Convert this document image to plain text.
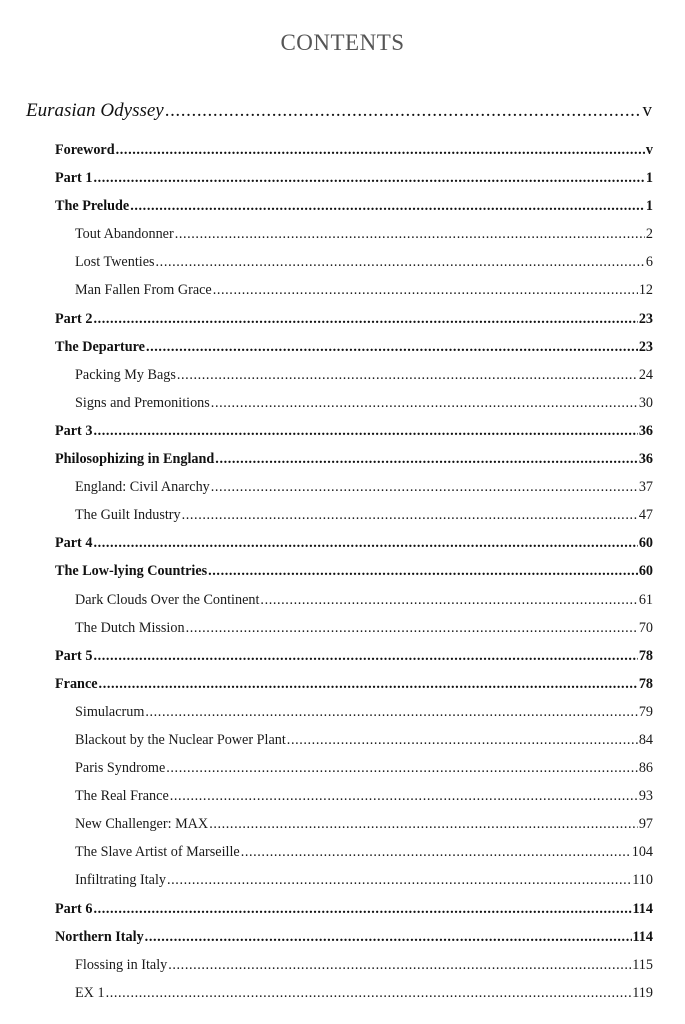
CONTENTS
Eurasian Odyssey .....	v
Foreword .....	v
Part 1 .....	1
The Prelude .....	1
Tout Abandonner .....	2
Lost Twenties .....	6
Man Fallen From Grace .....	12
Part 2 .....	23
The Departure .....	23
Packing My Bags .....	24
Signs and Premonitions .....	30
Part 3 .....	36
Philosophizing in England .....	36
England: Civil Anarchy .....	37
The Guilt Industry .....	47
Part 4 .....	60
The Low-lying Countries .....	60
Dark Clouds Over the Continent .....	61
The Dutch Mission .....	70
Part 5 .....	78
France .....	78
Simulacrum .....	79
Blackout by the Nuclear Power Plant .....	84
Paris Syndrome .....	86
The Real France .....	93
New Challenger: MAX .....	97
The Slave Artist of Marseille .....	104
Infiltrating Italy .....	110
Part 6 .....	114
Northern Italy .....	114
Flossing in Italy .....	115
EX 1 .....	119
